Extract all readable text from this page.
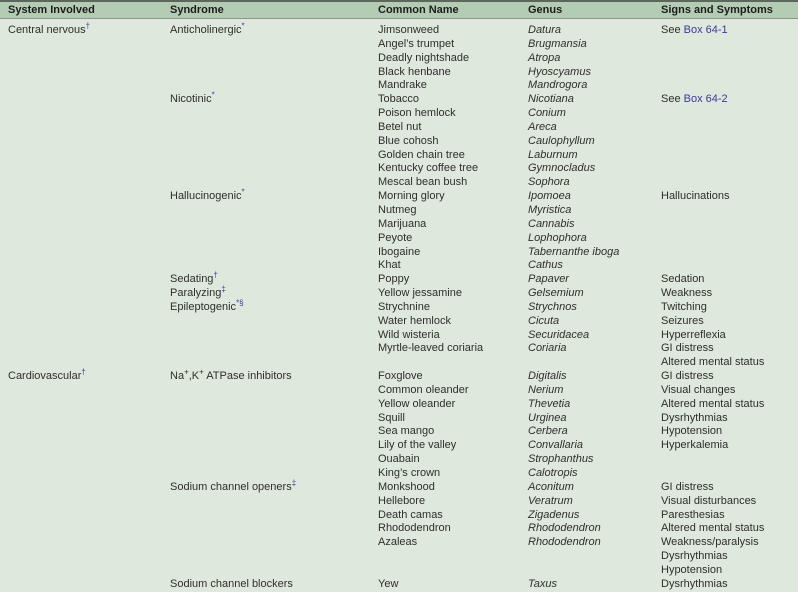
System Involved	Syndrome	Common Name	Genus	Signs and Symptoms
Central nervous†	Anticholinergic*	Jimsonweed	Datura	See Box 64-1
Angel’s trumpet	Brugmansia
Deadly nightshade	Atropa
Black henbane	Hyoscyamus
Mandrake	Mandrogora
Nicotinic*	Tobacco	Nicotiana	See Box 64-2
Poison hemlock	Conium
Betel nut	Areca
Blue cohosh	Caulophyllum
Golden chain tree	Laburnum
Kentucky coffee tree	Gymnocladus
Mescal bean bush	Sophora
Hallucinogenic*	Morning glory	Ipomoea	Hallucinations
Nutmeg	Myristica
Marijuana	Cannabis
Peyote	Lophophora
Ibogaine	Tabernanthe iboga
Khat	Cathus
Sedating†	Poppy	Papaver	Sedation
Paralyzing‡	Yellow jessamine	Gelsemium	Weakness
Epileptogenic*§	Strychnine	Strychnos	Twitching
Water hemlock	Cicuta	Seizures
Wild wisteria	Securidacea	Hyperreflexia
Myrtle-leaved coriaria	Coriaria	GI distress
Altered mental status
Cardiovascular†	Na+,K+ ATPase inhibitors	Foxglove	Digitalis	GI distress
Common oleander	Nerium	Visual changes
Yellow oleander	Thevetia	Altered mental status
Squill	Urginea	Dysrhythmias
Sea mango	Cerbera	Hypotension
Lily of the valley	Convallaria	Hyperkalemia
Ouabain	Strophanthus
King’s crown	Calotropis
Sodium channel openers‡	Monkshood	Aconitum	GI distress
Hellebore	Veratrum	Visual disturbances
Death camas	Zigadenus	Paresthesias
Rhododendron	Rhododendron	Altered mental status
Azaleas	Rhododendron	Weakness/paralysis
Dysrhythmias
Hypotension
Sodium channel blockers	Yew	Taxus	Dysrhythmias
